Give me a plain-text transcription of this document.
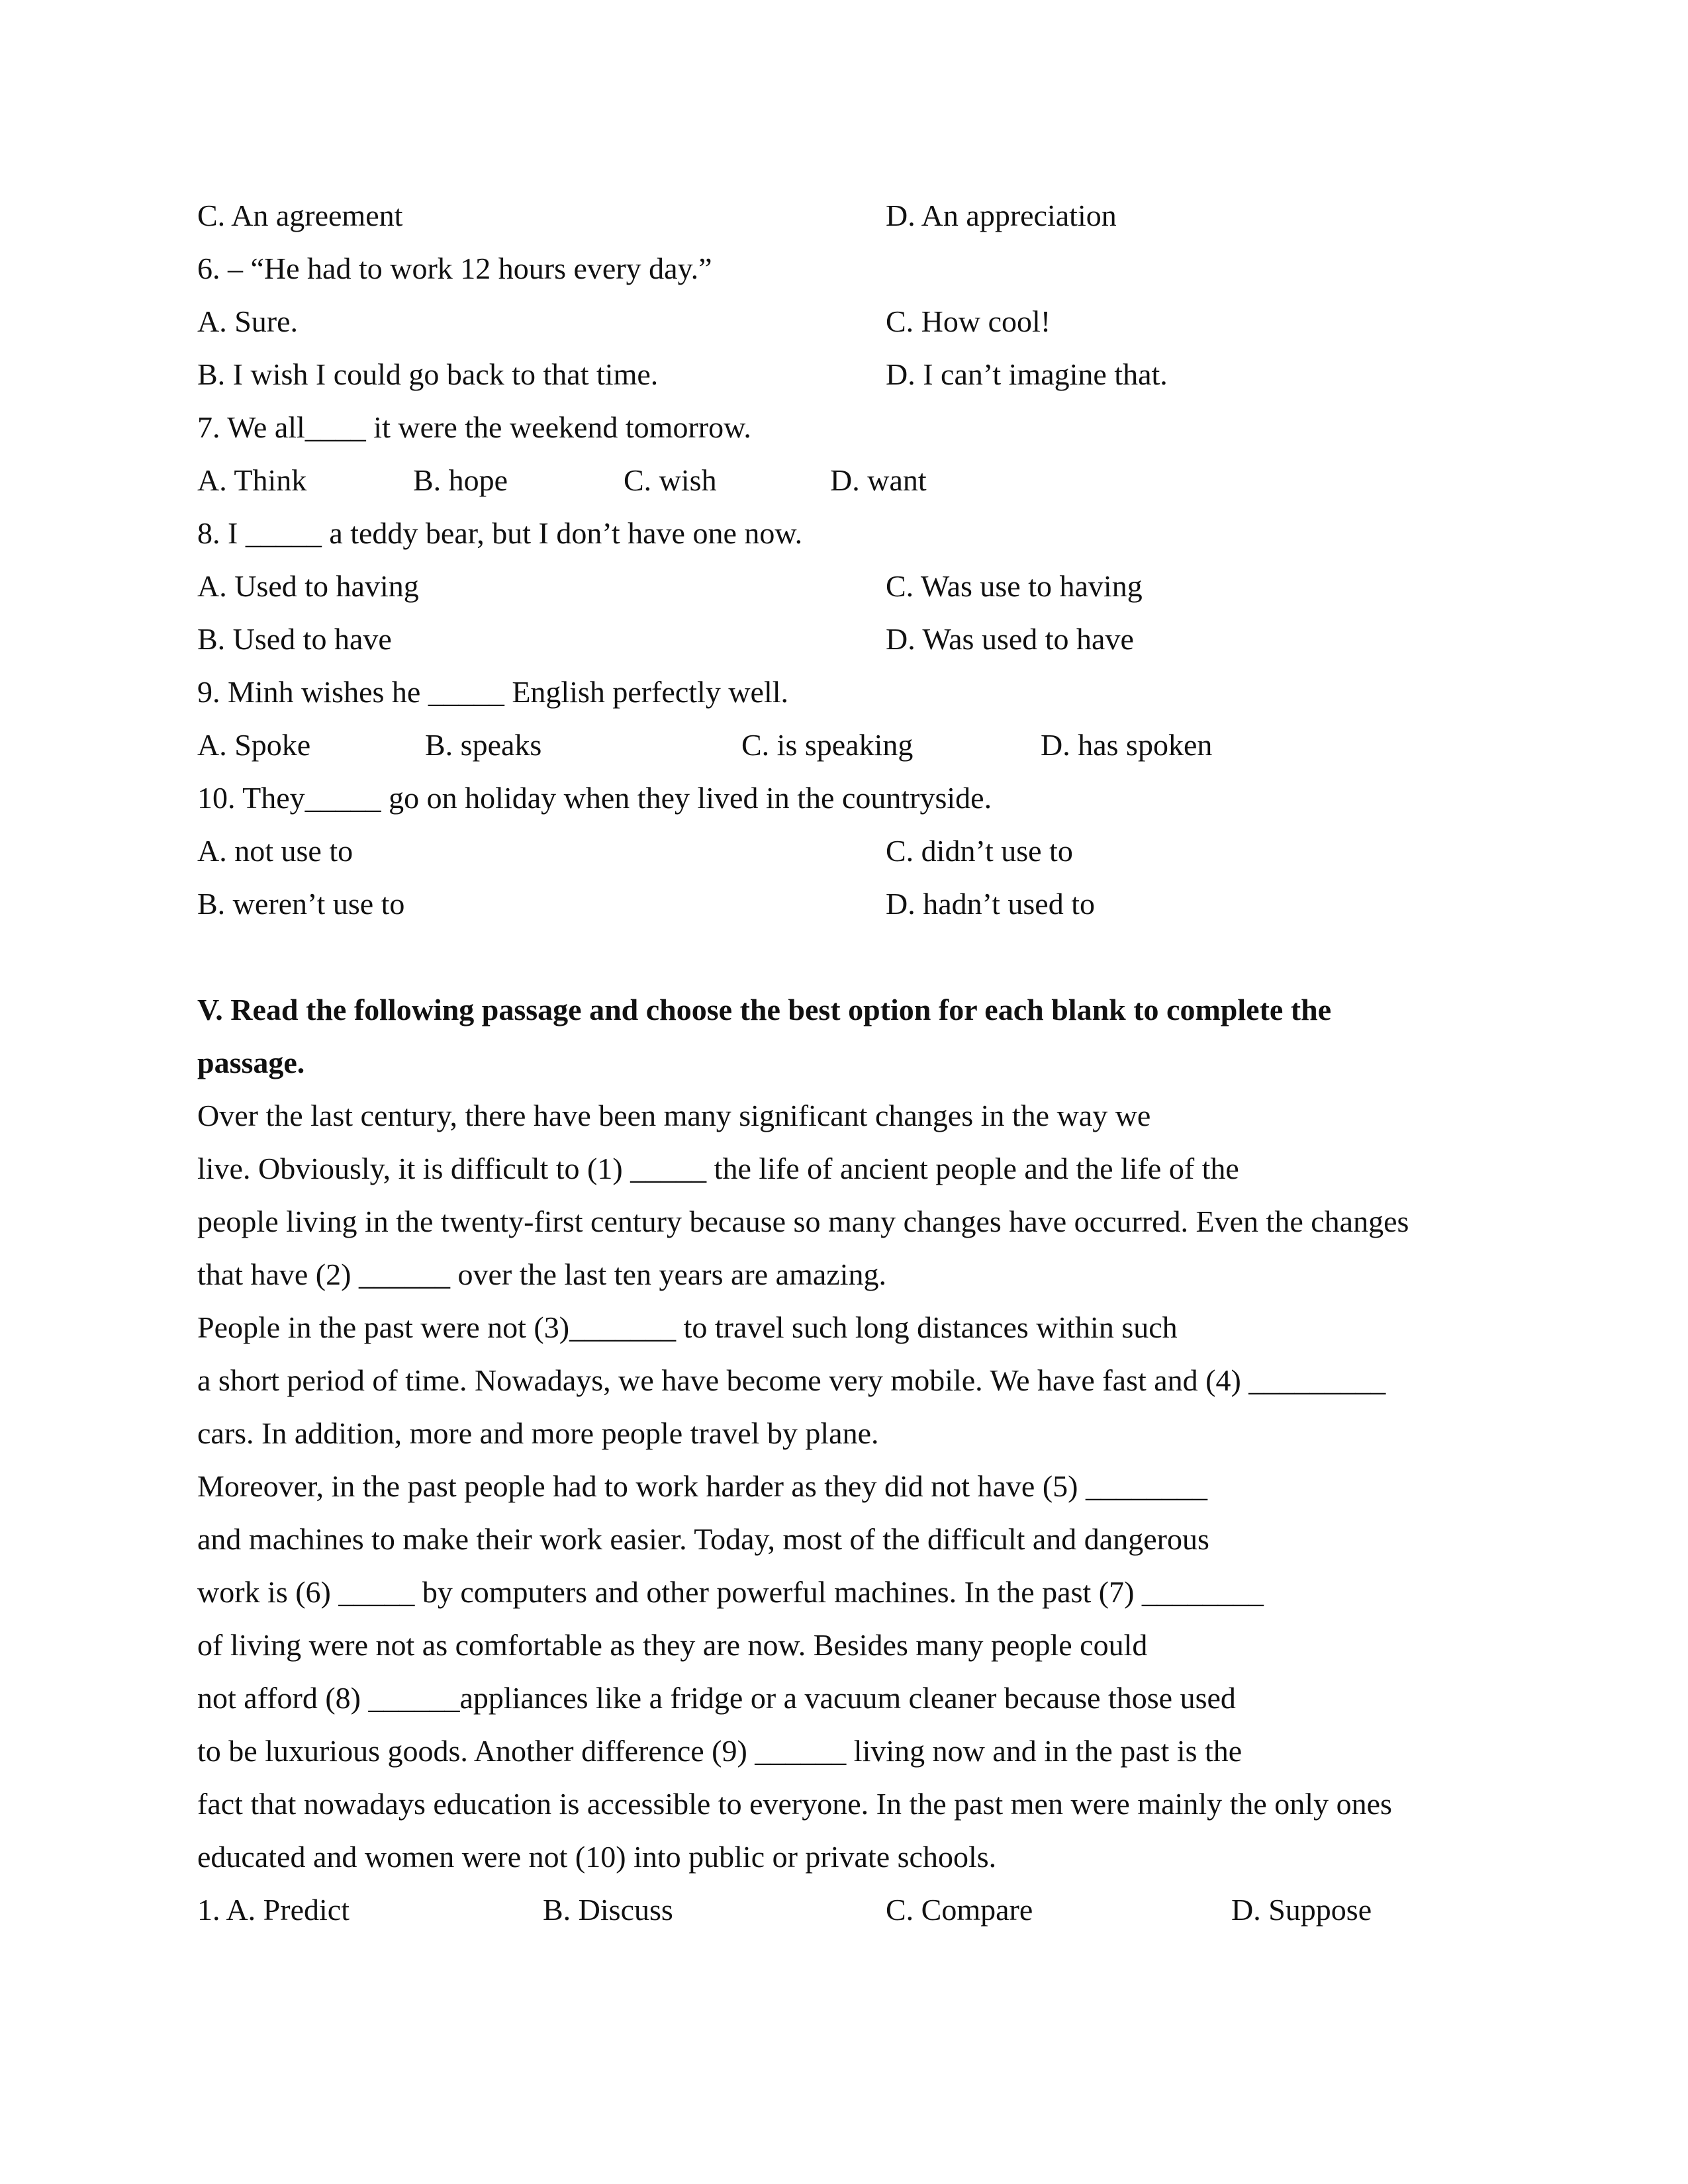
C. An agreement	D. An appreciation
6. – “He had to work 12 hours every day.”
A. Sure.	C. How cool!
B. I wish I could go back to that time.	D. I can’t imagine that.
7. We all____ it were the weekend tomorrow.
A. Think	B. hope	C. wish	D. want
8. I _____ a teddy bear, but I don’t have one now.
A. Used to having	C. Was use to having
B. Used to have	D. Was used to have
9. Minh wishes he _____ English perfectly well.
A. Spoke	B. speaks	C. is speaking	D. has spoken
10. They_____ go on holiday when they lived in the countryside.
A. not use to	C. didn’t use to
B. weren’t use to	D. hadn’t used to
V. Read the following passage and choose the best option for each blank to complete the
passage.
Over the last century, there have been many significant changes in the way we
live. Obviously, it is difficult to (1) _____ the life of ancient people and the life of the
people living in the twenty-first century because so many changes have occurred. Even the changes
that have (2) ______ over the last ten years are amazing.
People in the past were not (3)_______ to travel such long distances within such
a short period of time. Nowadays, we have become very mobile. We have fast and (4) _________
cars. In addition, more and more people travel by plane.
Moreover, in the past people had to work harder as they did not have (5) ________
and machines to make their work easier. Today, most of the difficult and dangerous
work is (6) _____ by computers and other powerful machines. In the past (7) ________
of living were not as comfortable as they are now. Besides many people could
not afford (8) ______appliances like a fridge or a vacuum cleaner because those used
to be luxurious goods. Another difference (9) ______ living now and in the past is the
fact that nowadays education is accessible to everyone. In the past men were mainly the only ones
educated and women were not (10) into public or private schools.
1. A. Predict	B. Discuss	C. Compare	D. Suppose
